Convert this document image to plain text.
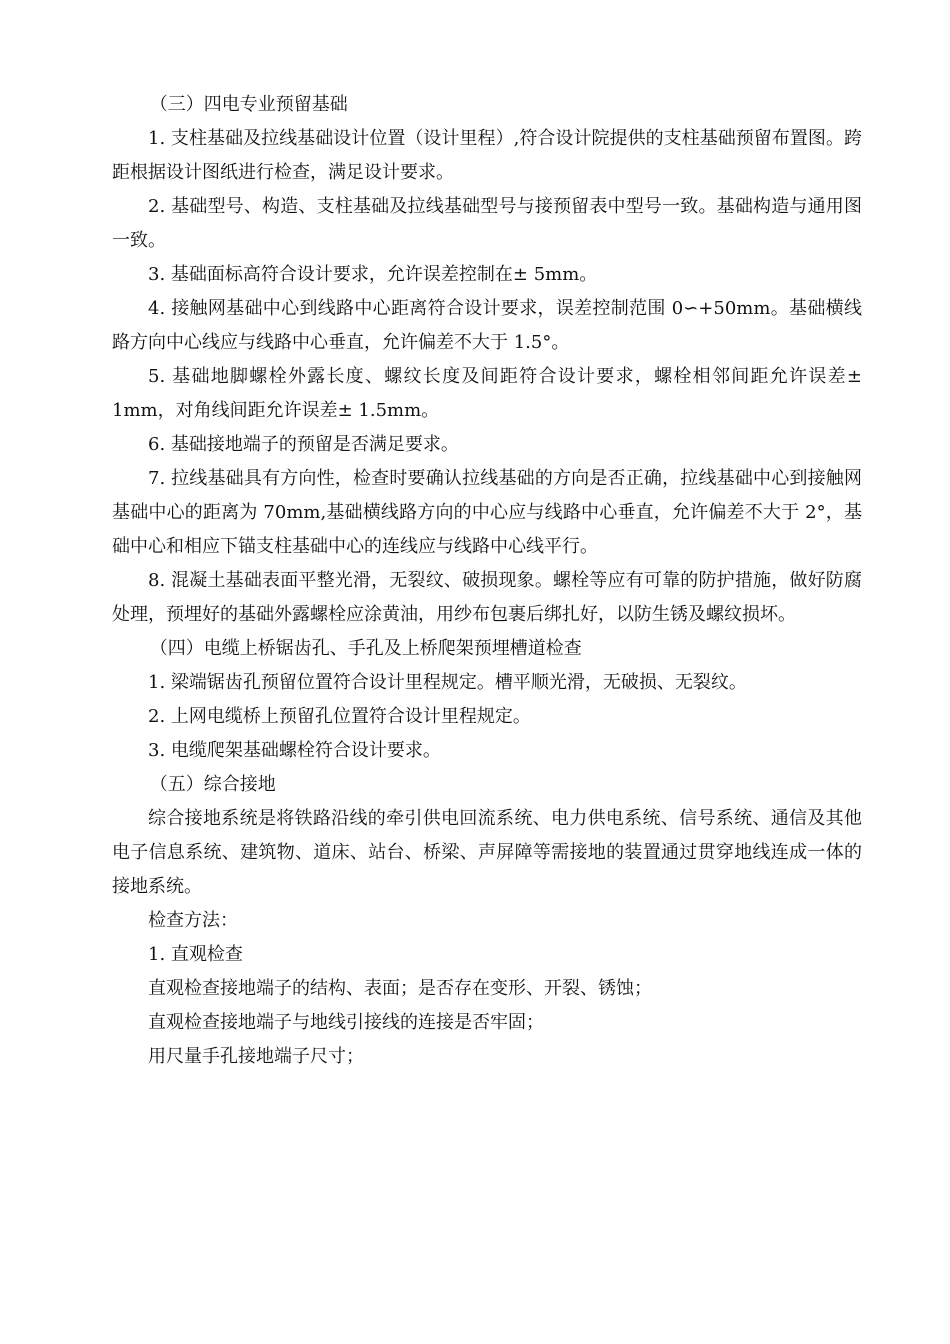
（三）四电专业预留基础

1. 支柱基础及拉线基础设计位置（设计里程）,符合设计院提供的支柱基础预留布置图。跨距根据设计图纸进行检查，满足设计要求。

2. 基础型号、构造、支柱基础及拉线基础型号与接预留表中型号一致。基础构造与通用图一致。

3. 基础面标高符合设计要求，允许误差控制在± 5mm。

4. 接触网基础中心到线路中心距离符合设计要求，误差控制范围 0∽+50mm。基础横线路方向中心线应与线路中心垂直，允许偏差不大于 1.5°。

5. 基础地脚螺栓外露长度、螺纹长度及间距符合设计要求，螺栓相邻间距允许误差± 1mm，对角线间距允许误差± 1.5mm。

6. 基础接地端子的预留是否满足要求。

7. 拉线基础具有方向性，检查时要确认拉线基础的方向是否正确，拉线基础中心到接触网基础中心的距离为 70mm,基础横线路方向的中心应与线路中心垂直，允许偏差不大于 2°，基础中心和相应下锚支柱基础中心的连线应与线路中心线平行。

8. 混凝土基础表面平整光滑，无裂纹、破损现象。螺栓等应有可靠的防护措施，做好防腐处理，预埋好的基础外露螺栓应涂黄油，用纱布包裹后绑扎好，以防生锈及螺纹损坏。

（四）电缆上桥锯齿孔、手孔及上桥爬架预埋槽道检查

1. 梁端锯齿孔预留位置符合设计里程规定。槽平顺光滑，无破损、无裂纹。

2. 上网电缆桥上预留孔位置符合设计里程规定。

3. 电缆爬架基础螺栓符合设计要求。

（五）综合接地

综合接地系统是将铁路沿线的牵引供电回流系统、电力供电系统、信号系统、通信及其他电子信息系统、建筑物、道床、站台、桥梁、声屏障等需接地的装置通过贯穿地线连成一体的接地系统。

检查方法：

1. 直观检查

直观检查接地端子的结构、表面；是否存在变形、开裂、锈蚀；

直观检查接地端子与地线引接线的连接是否牢固；

用尺量手孔接地端子尺寸；
